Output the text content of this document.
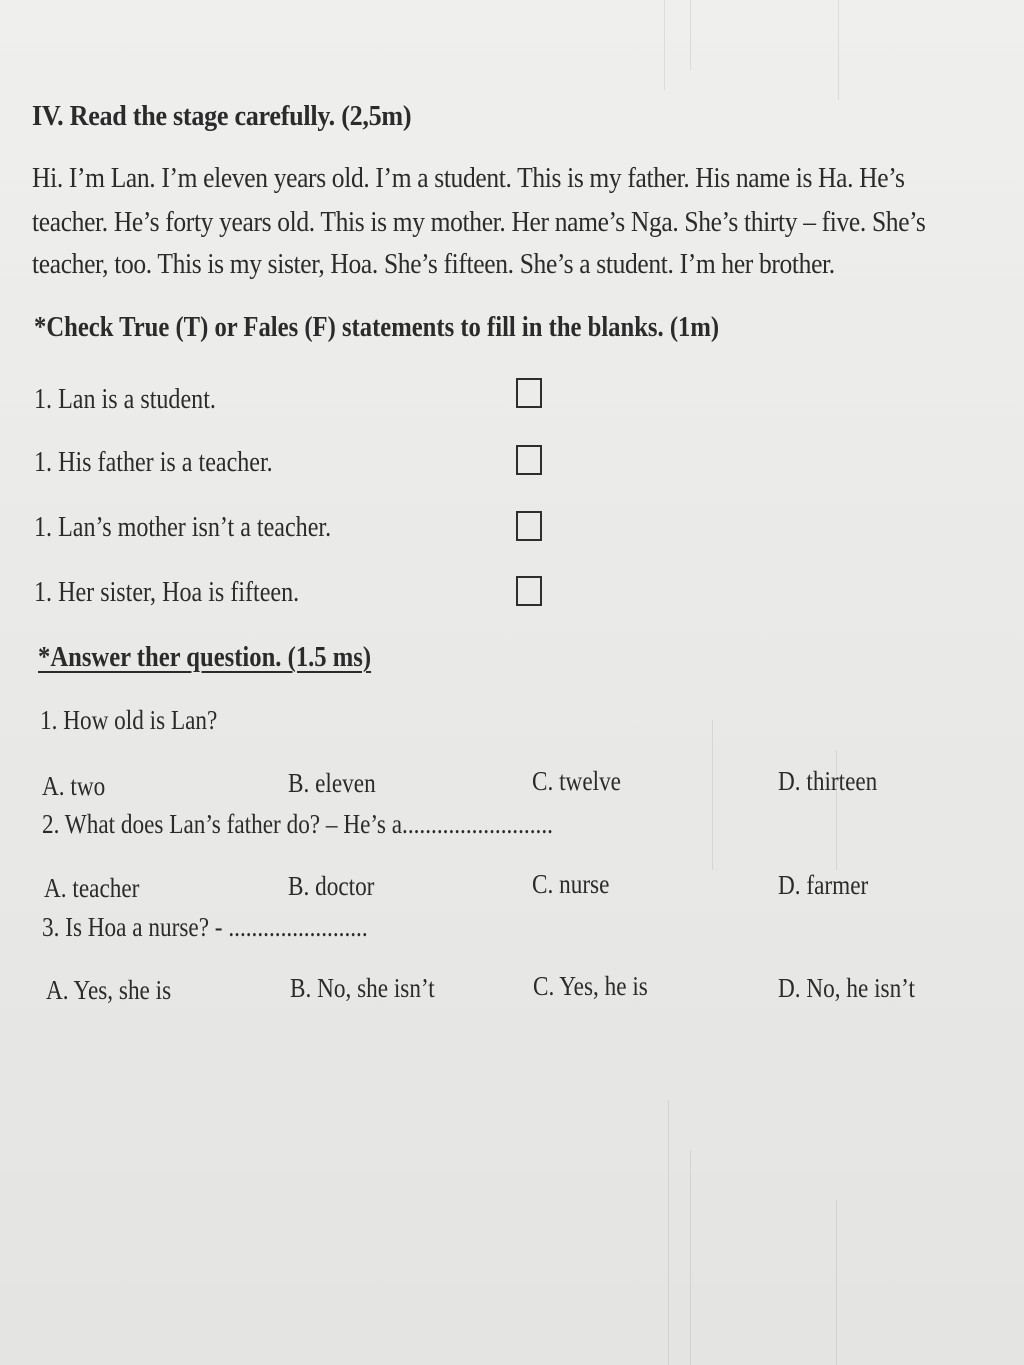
IV. Read the stage carefully. (2,5m)
Hi. I’m Lan. I’m eleven years old. I’m a student. This is my father. His name is Ha. He’s
teacher. He’s forty years old. This is my mother. Her name’s Nga. She’s thirty – five. She’s
teacher, too. This is my sister, Hoa. She’s fifteen. She’s a student. I’m her brother.
*Check True (T) or Fales (F) statements to fill in the blanks. (1m)
1. Lan is a student.
1. His father is a teacher.
1. Lan’s mother isn’t a teacher.
1. Her sister, Hoa is fifteen.
*Answer ther question. (1.5 ms)
1. How old is Lan?
A. two	B. eleven	C. twelve	D. thirteen
2. What does Lan’s father do? – He’s a..........................
A. teacher	B. doctor	C. nurse	D. farmer
3. Is Hoa a nurse? - ........................
A. Yes, she is	B. No, she isn’t	C. Yes, he is	D. No, he isn’t
